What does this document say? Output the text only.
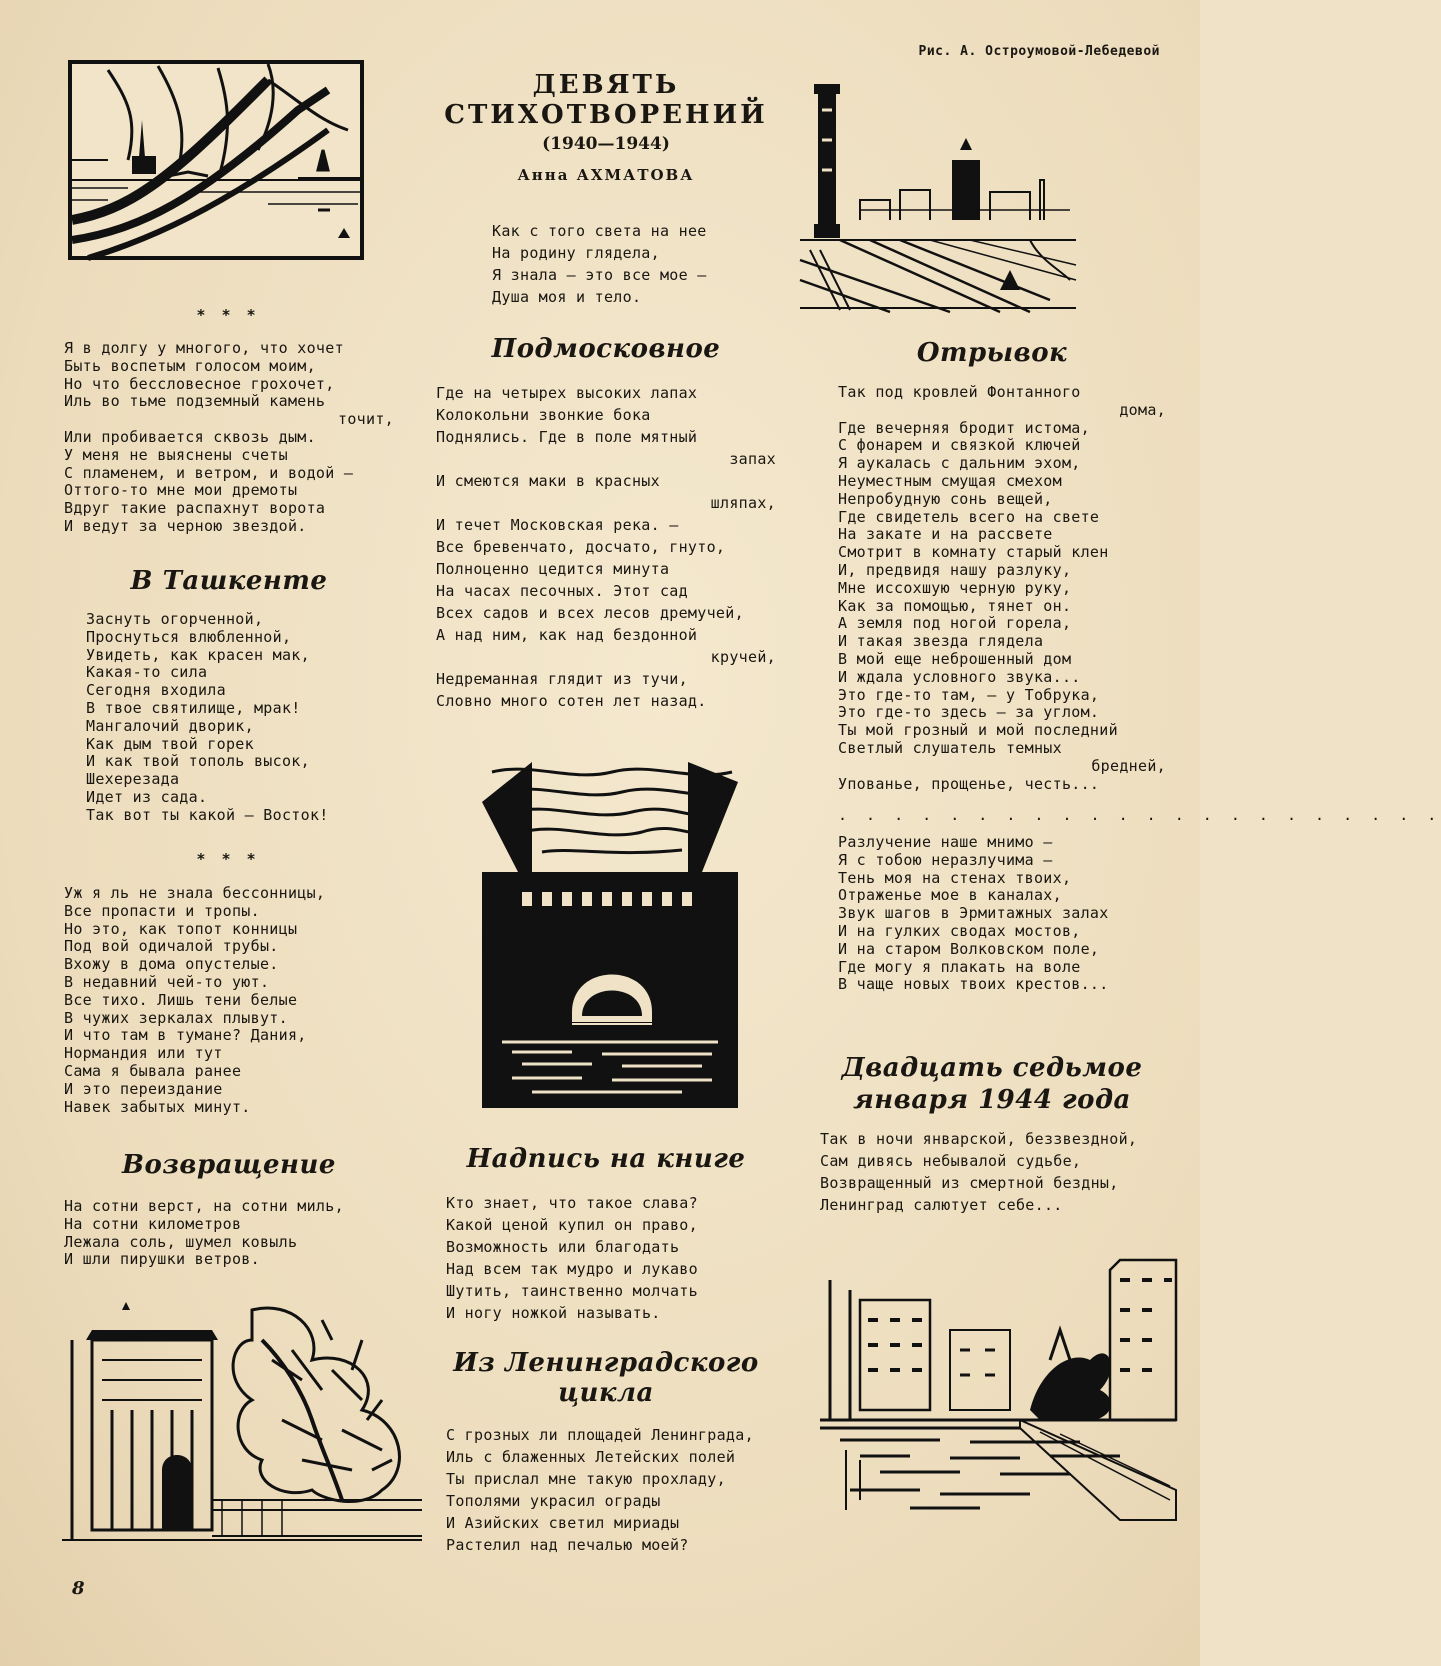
Рис. А. Остроумовой-Лебедевой
* * *
Я в долгу у многого, что хочет
Быть воспетым голосом моим,
Но что бессловесное грохочет,
Иль во тьме подземный камень
точит,
Или пробивается сквозь дым.
У меня не выяснены счеты
С пламенем, и ветром, и водой —
Оттого-то мне мои дремоты
Вдруг такие распахнут ворота
И ведут за черною звездой.
В Ташкенте
Заснуть огорченной,
Проснуться влюбленной,
Увидеть, как красен мак,
Какая-то сила
Сегодня входила
В твое святилище, мрак!
Мангалочий дворик,
Как дым твой горек
И как твой тополь высок,
Шехерезада
Идет из сада.
Так вот ты какой — Восток!
* * *
Уж я ль не знала бессонницы,
Все пропасти и тропы.
Но это, как топот конницы
Под вой одичалой трубы.
Вхожу в дома опустелые.
В недавний чей-то уют.
Все тихо. Лишь тени белые
В чужих зеркалах плывут.
И что там в тумане? Дания,
Нормандия или тут
Сама я бывала ранее
И это переиздание
Навек забытых минут.
Возвращение
На сотни верст, на сотни миль,
На сотни километров
Лежала соль, шумел ковыль
И шли пирушки ветров.
8
ДЕВЯТЬ
СТИХОТВОРЕНИЙ
(1940—1944)
Анна АХМАТОВА
Как с того света на нее
На родину глядела,
Я знала — это все мое —
Душа моя и тело.
Подмосковное
Где на четырех высоких лапах
Колокольни звонкие бока
Поднялись. Где в поле мятный
запах
И смеются маки в красных
шляпах,
И течет Московская река. —
Все бревенчато, досчато, гнуто,
Полноценно цедится минута
На часах песочных. Этот сад
Всех садов и всех лесов дремучей,
А над ним, как над бездонной
кручей,
Недреманная глядит из тучи,
Словно много сотен лет назад.
Надпись на книге
Кто знает, что такое слава?
Какой ценой купил он право,
Возможность или благодать
Над всем так мудро и лукаво
Шутить, таинственно молчать
И ногу ножкой называть.
Из Ленинградского
цикла
С грозных ли площадей Ленинграда,
Иль с блаженных Летейских полей
Ты прислал мне такую прохладу,
Тополями украсил ограды
И Азийских светил мириады
Растелил над печалью моей?
Отрывок
Так под кровлей Фонтанного
дома,
Где вечерняя бродит истома,
С фонарем и связкой ключей
Я аукалась с дальним эхом,
Неуместным смущая смехом
Непробудную сонь вещей,
Где свидетель всего на свете
На закате и на рассвете
Смотрит в комнату старый клен
И, предвидя нашу разлуку,
Мне иссохшую черную руку,
Как за помощью, тянет он.
А земля под ногой горела,
И такая звезда глядела
В мой еще неброшенный дом
И ждала условного звука...
Это где-то там, — у Тобрука,
Это где-то здесь — за углом.
Ты мой грозный и мой последний
Светлый слушатель темных
бредней,
Упованье, прощенье, честь...
. . . . . . . . . . . . . . . . . . . . . .
Разлучение наше мнимо —
Я с тобою неразлучима —
Тень моя на стенах твоих,
Отраженье мое в каналах,
Звук шагов в Эрмитажных залах
И на гулких сводах мостов,
И на старом Волковском поле,
Где могу я плакать на воле
В чаще новых твоих крестов...
Двадцать седьмое
января 1944 года
Так в ночи январской, беззвездной,
Сам дивясь небывалой судьбе,
Возвращенный из смертной бездны,
Ленинград салютует себе...
